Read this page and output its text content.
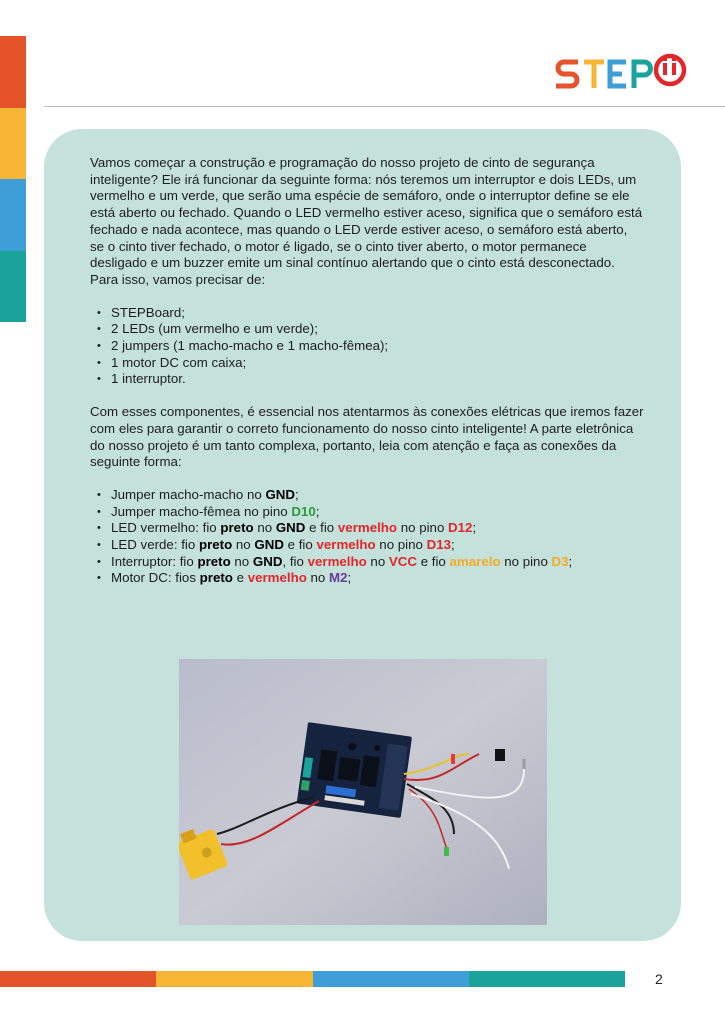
Vamos começar a construção e programação do nosso projeto de cinto de segurança inteligente? Ele irá funcionar da seguinte forma: nós teremos um interruptor e dois LEDs, um vermelho e um verde, que serão uma espécie de semáforo, onde o interruptor define se ele está aberto ou fechado. Quando o LED vermelho estiver aceso, significa que o semáforo está fechado e nada acontece, mas quando o LED verde estiver aceso, o semáforo está aberto, se o cinto tiver fechado, o motor é ligado, se o cinto tiver aberto, o motor permanece desligado e um buzzer emite um sinal contínuo alertando que o cinto está desconectado. Para isso, vamos precisar de:

• STEPBoard;
• 2 LEDs (um vermelho e um verde);
• 2 jumpers (1 macho-macho e 1 macho-fêmea);
• 1 motor DC com caixa;
• 1 interruptor.

Com esses componentes, é essencial nos atentarmos às conexões elétricas que iremos fazer com eles para garantir o correto funcionamento do nosso cinto inteligente! A parte eletrônica do nosso projeto é um tanto complexa, portanto, leia com atenção e faça as conexões da seguinte forma:

• Jumper macho-macho no GND;
• Jumper macho-fêmea no pino D10;
• LED vermelho: fio preto no GND e fio vermelho no pino D12;
• LED verde: fio preto no GND e fio vermelho no pino D13;
• Interruptor: fio preto no GND, fio vermelho no VCC e fio amarelo no pino D3;
• Motor DC: fios preto e vermelho no M2;
2
